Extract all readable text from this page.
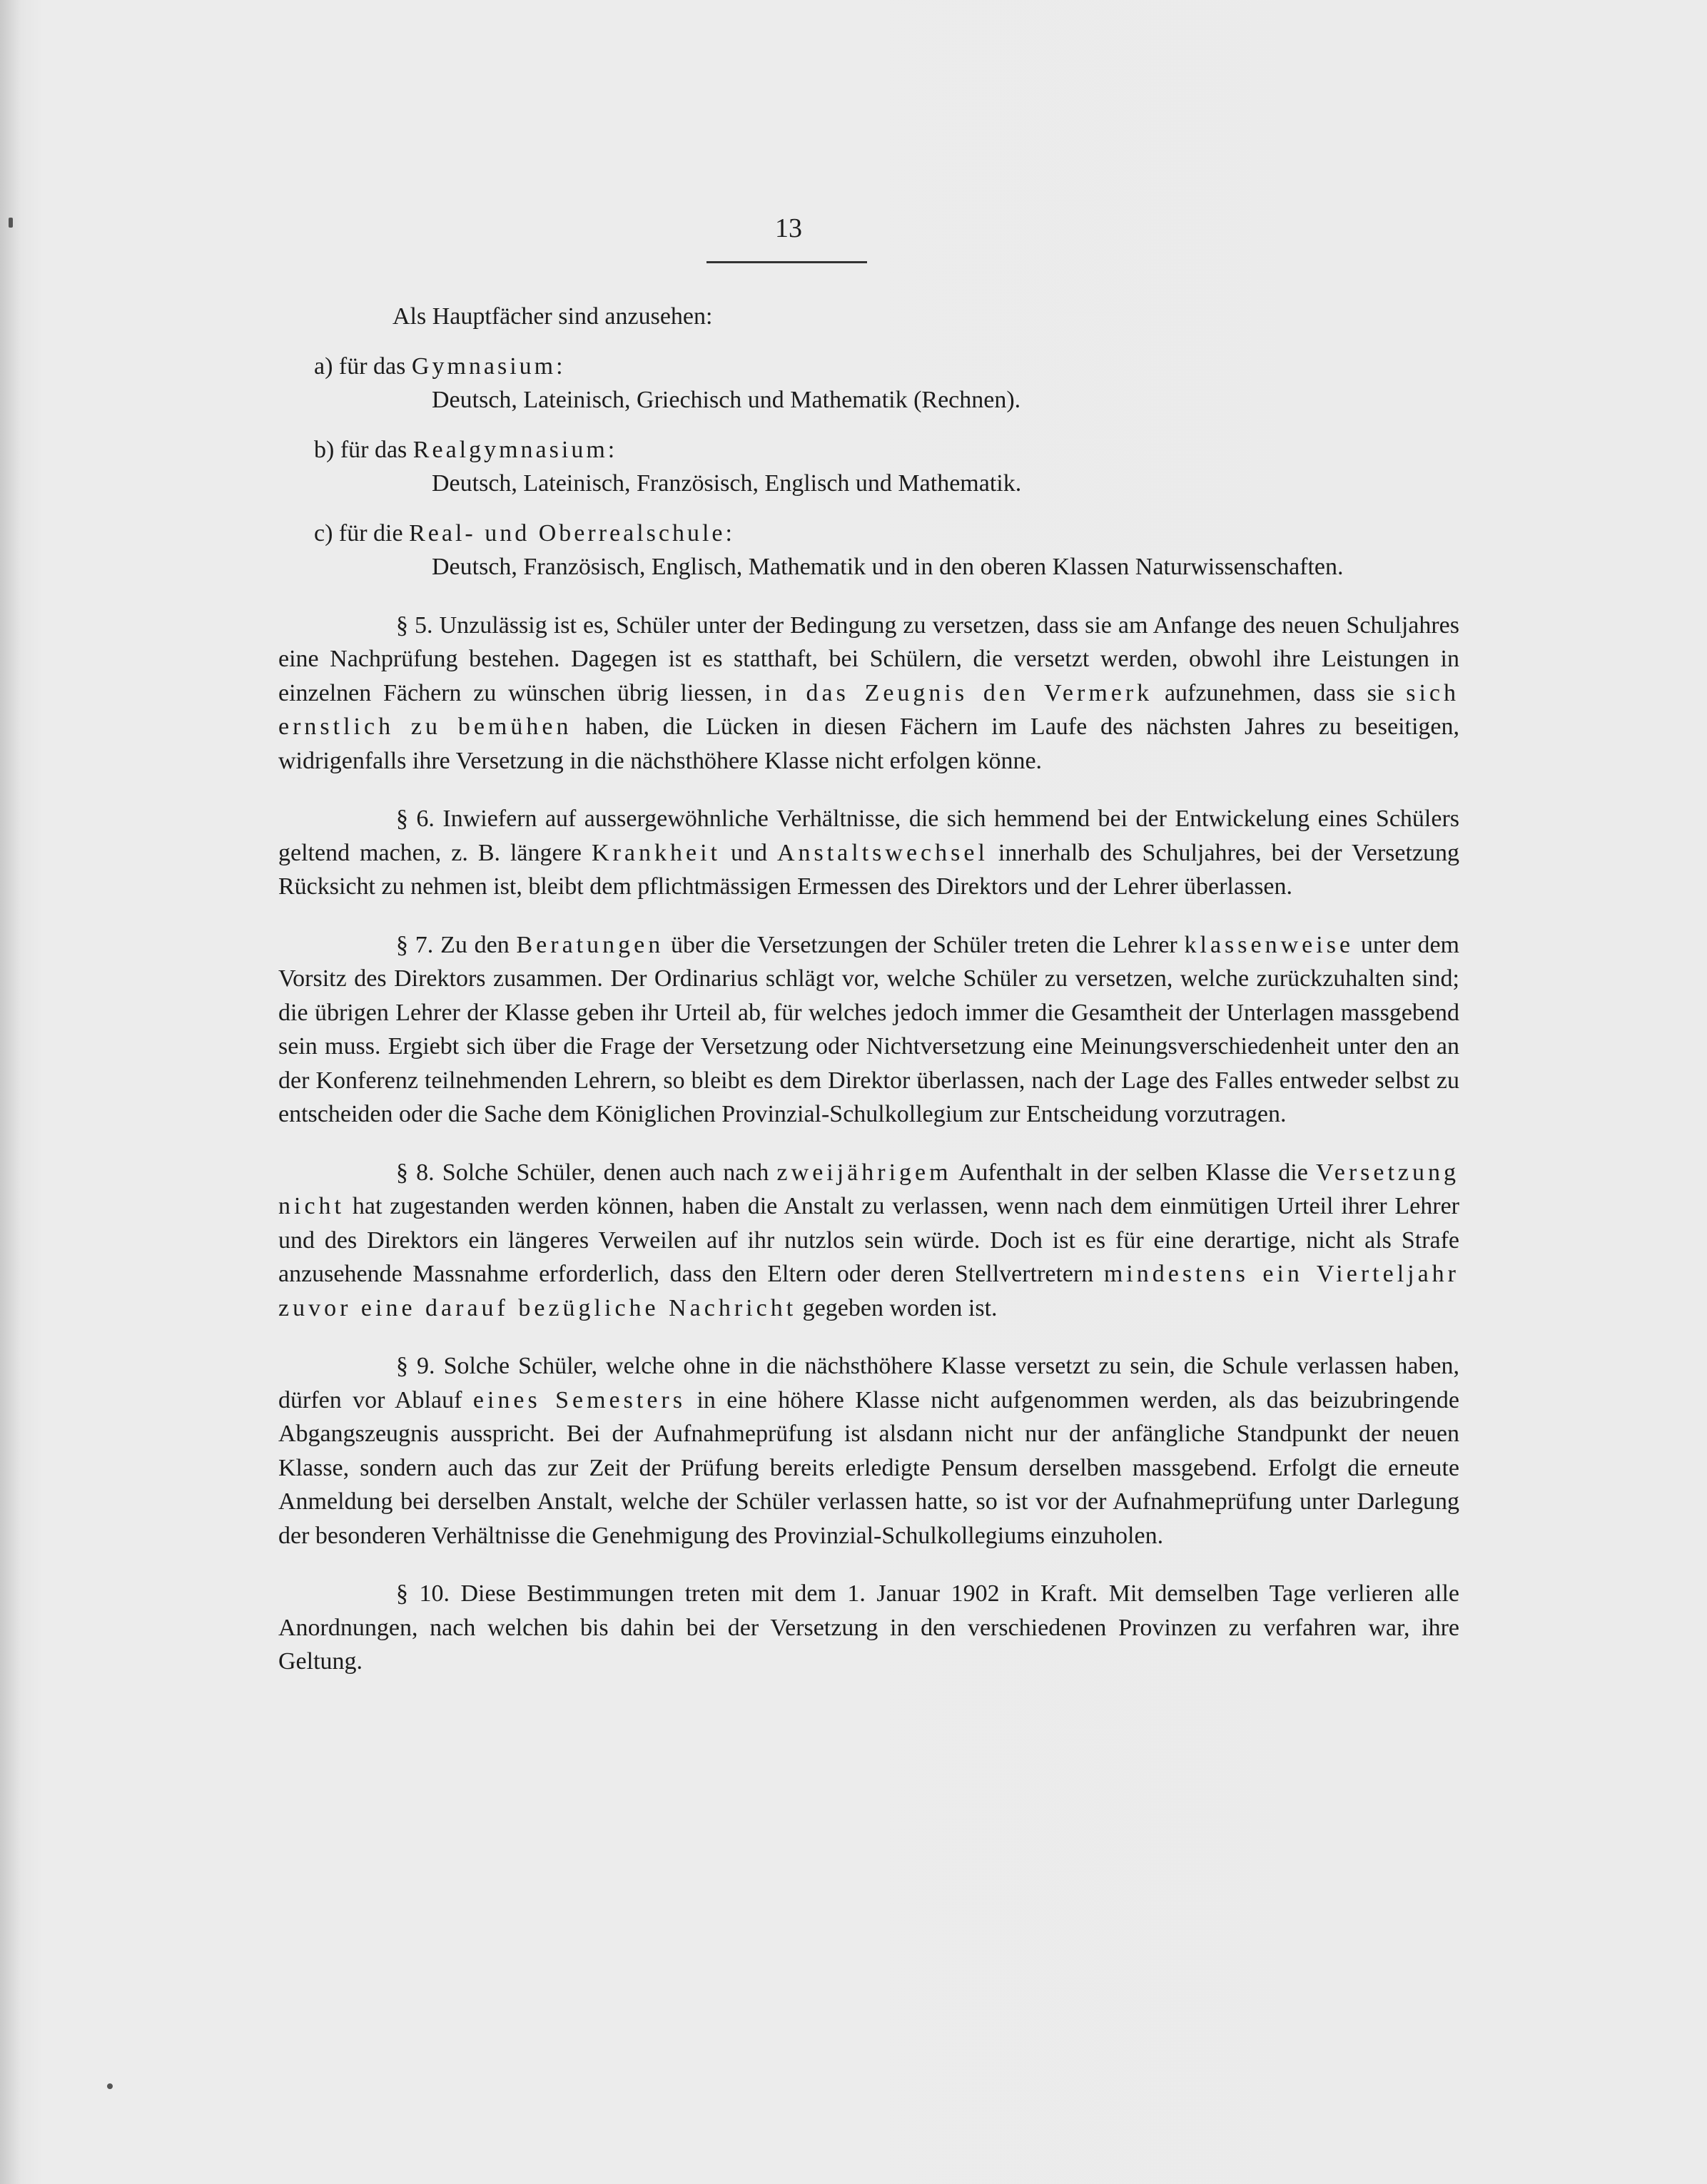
13
Als Hauptfächer sind anzusehen:
a) für das Gymnasium:
Deutsch, Lateinisch, Griechisch und Mathematik (Rechnen).
b) für das Realgymnasium:
Deutsch, Lateinisch, Französisch, Englisch und Mathematik.
c) für die Real- und Oberrealschule:
Deutsch, Französisch, Englisch, Mathematik und in den oberen Klassen Naturwissenschaften.

§ 5. Unzulässig ist es, Schüler unter der Bedingung zu versetzen, dass sie am Anfange des neuen Schuljahres eine Nachprüfung bestehen. Dagegen ist es statthaft, bei Schülern, die versetzt werden, obwohl ihre Leistungen in einzelnen Fächern zu wünschen übrig liessen, in das Zeugnis den Vermerk aufzunehmen, dass sie sich ernstlich zu bemühen haben, die Lücken in diesen Fächern im Laufe des nächsten Jahres zu beseitigen, widrigenfalls ihre Versetzung in die nächsthöhere Klasse nicht erfolgen könne.

§ 6. Inwiefern auf aussergewöhnliche Verhältnisse, die sich hemmend bei der Entwickelung eines Schülers geltend machen, z. B. längere Krankheit und Anstaltswechsel innerhalb des Schuljahres, bei der Versetzung Rücksicht zu nehmen ist, bleibt dem pflichtmässigen Ermessen des Direktors und der Lehrer überlassen.

§ 7. Zu den Beratungen über die Versetzungen der Schüler treten die Lehrer klassenweise unter dem Vorsitz des Direktors zusammen. Der Ordinarius schlägt vor, welche Schüler zu versetzen, welche zurückzuhalten sind; die übrigen Lehrer der Klasse geben ihr Urteil ab, für welches jedoch immer die Gesamtheit der Unterlagen massgebend sein muss. Ergiebt sich über die Frage der Versetzung oder Nichtversetzung eine Meinungsverschiedenheit unter den an der Konferenz teilnehmenden Lehrern, so bleibt es dem Direktor überlassen, nach der Lage des Falles entweder selbst zu entscheiden oder die Sache dem Königlichen Provinzial-Schulkollegium zur Entscheidung vorzutragen.

§ 8. Solche Schüler, denen auch nach zweijährigem Aufenthalt in der selben Klasse die Versetzung nicht hat zugestanden werden können, haben die Anstalt zu verlassen, wenn nach dem einmütigen Urteil ihrer Lehrer und des Direktors ein längeres Verweilen auf ihr nutzlos sein würde. Doch ist es für eine derartige, nicht als Strafe anzusehende Massnahme erforderlich, dass den Eltern oder deren Stellvertretern mindestens ein Vierteljahr zuvor eine darauf bezügliche Nachricht gegeben worden ist.

§ 9. Solche Schüler, welche ohne in die nächsthöhere Klasse versetzt zu sein, die Schule verlassen haben, dürfen vor Ablauf eines Semesters in eine höhere Klasse nicht aufgenommen werden, als das beizubringende Abgangszeugnis ausspricht. Bei der Aufnahmeprüfung ist alsdann nicht nur der anfängliche Standpunkt der neuen Klasse, sondern auch das zur Zeit der Prüfung bereits erledigte Pensum derselben massgebend. Erfolgt die erneute Anmeldung bei derselben Anstalt, welche der Schüler verlassen hatte, so ist vor der Aufnahmeprüfung unter Darlegung der besonderen Verhältnisse die Genehmigung des Provinzial-Schulkollegiums einzuholen.

§ 10. Diese Bestimmungen treten mit dem 1. Januar 1902 in Kraft. Mit demselben Tage verlieren alle Anordnungen, nach welchen bis dahin bei der Versetzung in den verschiedenen Provinzen zu verfahren war, ihre Geltung.
